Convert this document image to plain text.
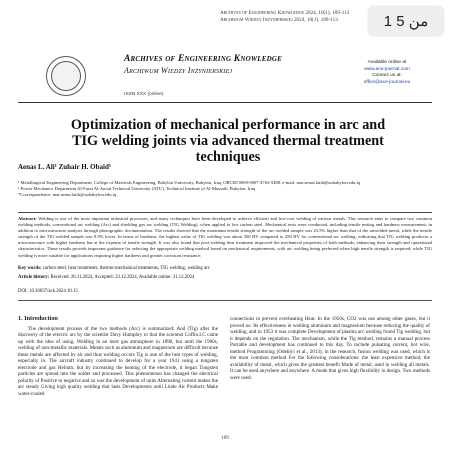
1 من 5
Archives of Engineering Knowledge 2024, 10(1), 109-113
Archiwum Wiedzy Inżynierskiej 2024, 10(1), 109-113
Archives of Engineering Knowledge
Archiwum Wiedzy Inżynierskiej
ISSN XXX (online)
Available online at
www.ace-journal.com
Contact us at:
office@ace-journal.eu
Optimization of mechanical performance in arc and TIG welding joints via advanced thermal treatment techniques
Aenas L. Ali¹ Zuhair H. Obaid¹
¹ Metallurgical Engineering Department, College of Materials Engineering, Babylon University, Babylon, Iraq, ORCID 0009-0007-4763-5488, e-mail: mat.aenas.laith@uobabylon.edu.iq
² Power Mechanics Department Al-Furat Al-Awsat Technical University (ATU), Technical Institute of Al-Mussaib, Babylon, Iraq
*Correspondence: mat.aenas.laith@uobabylon.edu.iq
Abstract: Welding is one of the most important industrial processes, and many techniques have been developed to achieve efficient and low-cost welding of various metals. This research aims to compare two common welding methods, conventional arc welding (Arc) and shielding gas arc welding (TIG Welding), when applied to low carbon steel. Mechanical tests were conducted, including tensile testing and hardness measurement, in addition to microstructure analysis through photographic documentation. The results showed that the maximum tensile strength of the arc-welded sample was 23.5% higher than that of the unwelded metal, while the tensile strength of the TIG-welded sample was 9.5% lower. In terms of hardness, the highest value of TIG welding was about 300 HV compared to 250 HV for conventional arc welding, indicating that TIG welding produces a microstructure with higher hardness but at the expense of tensile strength. It was also found that post-welding heat treatment improved the mechanical properties of both methods, enhancing their strength and operational characteristics. These results provide important guidance for selecting the appropriate welding method based on mechanical requirements, with arc welding being preferred when high tensile strength is required, while TIG welding is more suitable for applications requiring higher hardness and greater corrosion resistance.
Key words: carbon steel, heat treatments, thermo-mechanical treatments, TIG welding, welding arc
Article history: Received: 26.11.2024, Accepted: 23.12.2024, Available online: 31.12.2024
DOI: 10.36037/ack.2024.10.15
1. Introduction
The development process of the two methods (Arc) is summarized: And (Tig) after the discovery of the electric arc by the scientist Davy Humphry to that the scientist Coffin.I.C came up with the idea of using. Welding in an inert gas atmosphere in 1890, but until the 1900s, welding of non-metallic materials. Metals such as aluminum and magnesium are difficult because these metals are affected by air and thus welding occurs Tig is one of the best types of welding, especially in. The aircraft industry continued to develop for a year 1941 using a tungsten electrode and gas Helium, but by increasing the heating of the electrode, it began Tungsten particles are spread into the solder and processed. This phenomenon has changed the electrical polarity of Positive to negative and so was the development of units Alternating current makes the arc steady Giving high quality welding that lasts Developments until Linde Air Products Make water-cooled
connections to prevent overheating Heat. In the 1950s, CO2 was use among other gases, but it proved no. Its effectiveness in welding aluminum and magnesium because reducing the quality of welding, and in 1953 it was complete Development of plasma arc welding found Tig welding, but it depends on the regulation. The mechanism, while the Tig method, remains a manual process Portable and development has continued to this day. To include pulsating current, hot wire, method Programming (Odebiyi et al., 2013), in the research, fusion welding was used, which is the most common method For the following considerations: the least expensive method, the availability of metal, which gives the greatest benefit Made of metal, used in welding all metals. It can be used anywhere and anywhere. A mode that gives high flexibility in design. Two methods were used:
109
